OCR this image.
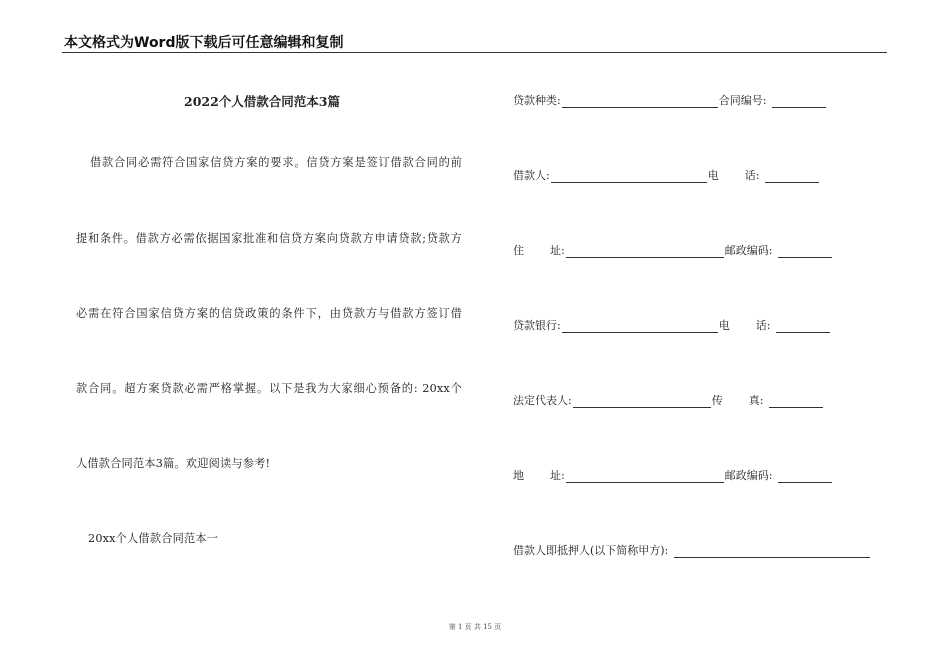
本文格式为Word版下载后可任意编辑和复制
2022个人借款合同范本3篇
借款合同必需符合国家信贷方案的要求。信贷方案是签订借款合同的前
提和条件。借款方必需依据国家批准和信贷方案向贷款方申请贷款;贷款方
必需在符合国家信贷方案的信贷政策的条件下，由贷款方与借款方签订借
款合同。超方案贷款必需严格掌握。以下是我为大家细心预备的: 20xx个
人借款合同范本3篇。欢迎阅读与参考!
20xx个人借款合同范本一
贷款种类:	合同编号:
借款人:	电 话:
住 址:	邮政编码:
贷款银行:	电 话:
法定代表人:	传 真:
地 址:	邮政编码:
借款人即抵押人(以下简称甲方):
第 1 页 共 15 页
